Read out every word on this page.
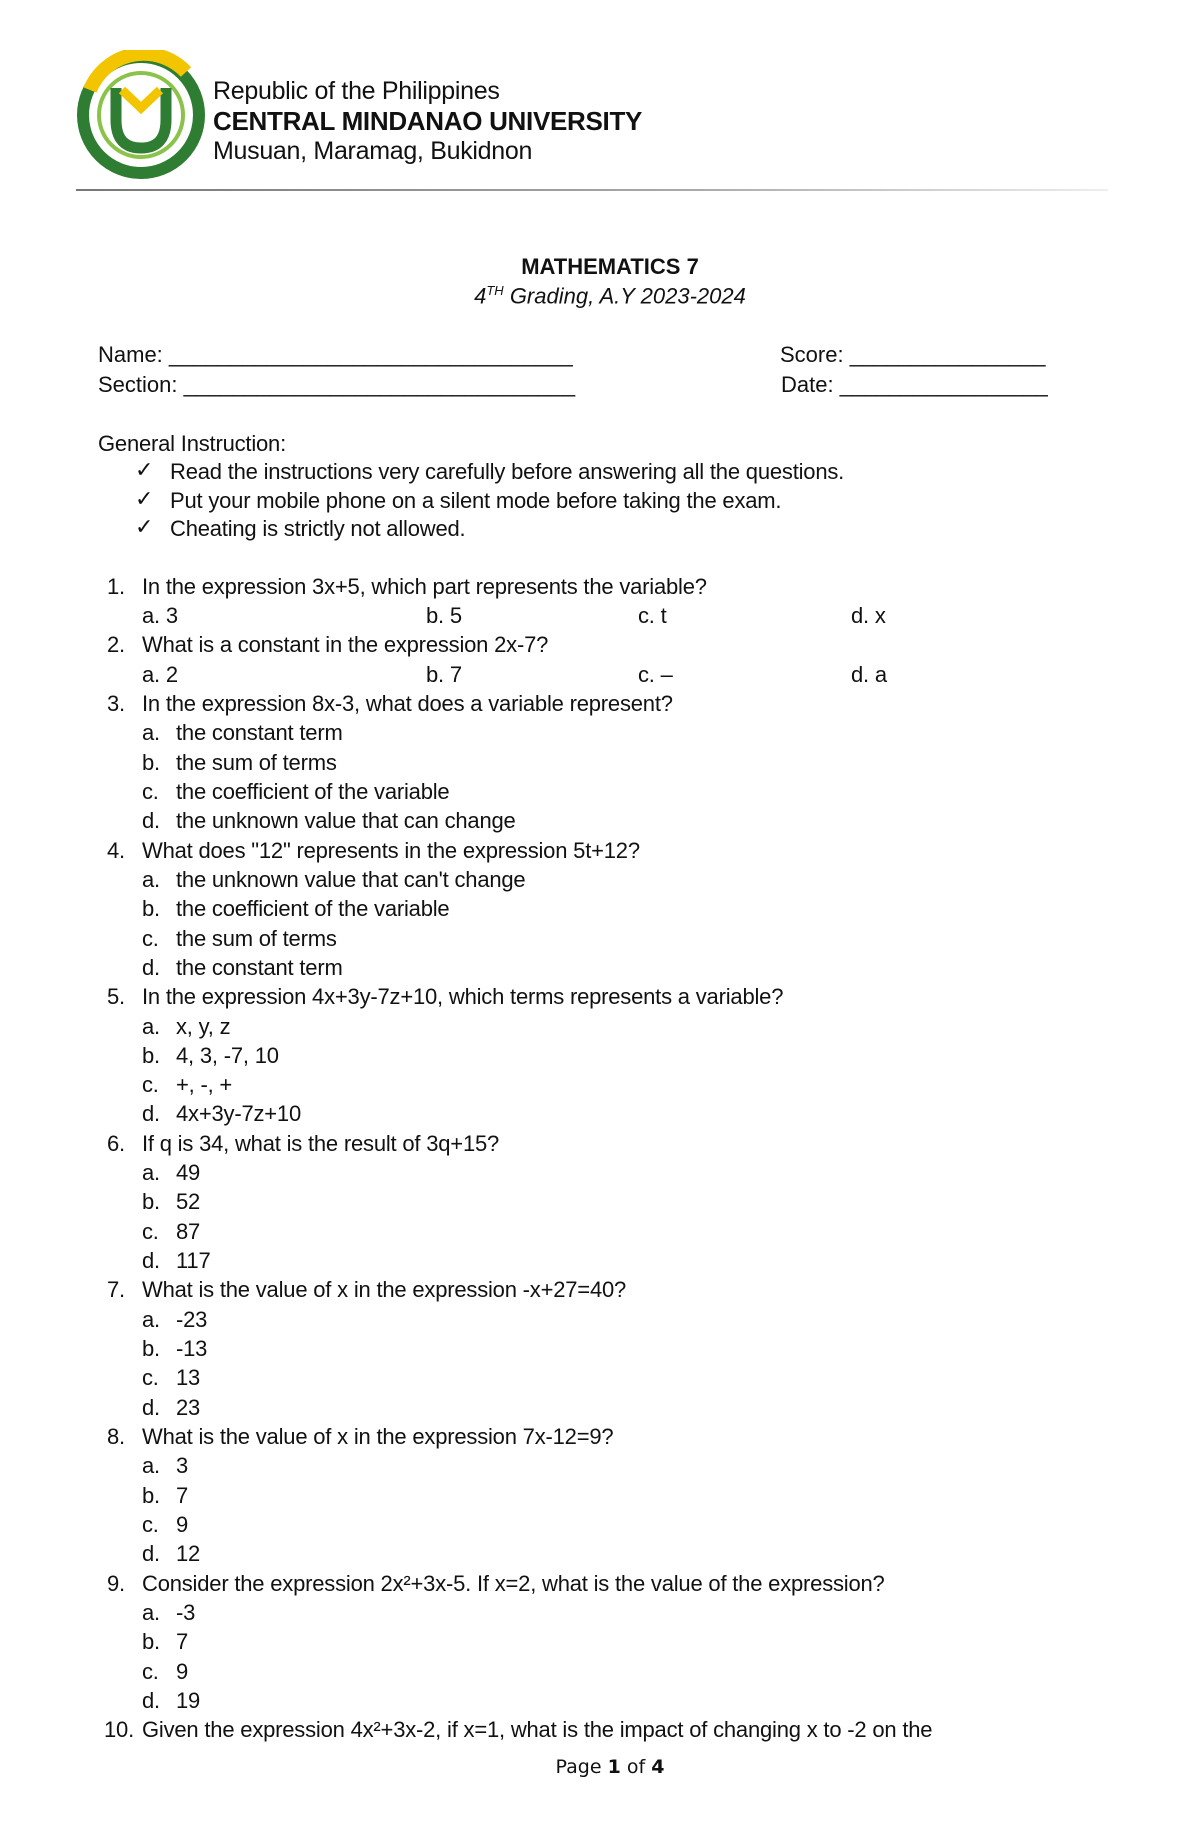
Republic of the Philippines
CENTRAL MINDANAO UNIVERSITY
Musuan, Maramag, Bukidnon
MATHEMATICS 7
4TH Grading, A.Y 2023-2024
Name: _________________________________	Score: ________________
Section: ________________________________	Date: _________________
General Instruction:
✓ Read the instructions very carefully before answering all the questions.
✓ Put your mobile phone on a silent mode before taking the exam.
✓ Cheating is strictly not allowed.
1. In the expression 3x+5, which part represents the variable?
a. 3	b. 5	c. t	d. x
2. What is a constant in the expression 2x-7?
a. 2	b. 7	c. –	d. a
3. In the expression 8x-3, what does a variable represent?
a. the constant term
b. the sum of terms
c. the coefficient of the variable
d. the unknown value that can change
4. What does "12" represents in the expression 5t+12?
a. the unknown value that can't change
b. the coefficient of the variable
c. the sum of terms
d. the constant term
5. In the expression 4x+3y-7z+10, which terms represents a variable?
a. x, y, z
b. 4, 3, -7, 10
c. +, -, +
d. 4x+3y-7z+10
6. If q is 34, what is the result of 3q+15?
a. 49
b. 52
c. 87
d. 117
7. What is the value of x in the expression -x+27=40?
a. -23
b. -13
c. 13
d. 23
8. What is the value of x in the expression 7x-12=9?
a. 3
b. 7
c. 9
d. 12
9. Consider the expression 2x²+3x-5. If x=2, what is the value of the expression?
a. -3
b. 7
c. 9
d. 19
10. Given the expression 4x²+3x-2, if x=1, what is the impact of changing x to -2 on the
Page 1 of 4
